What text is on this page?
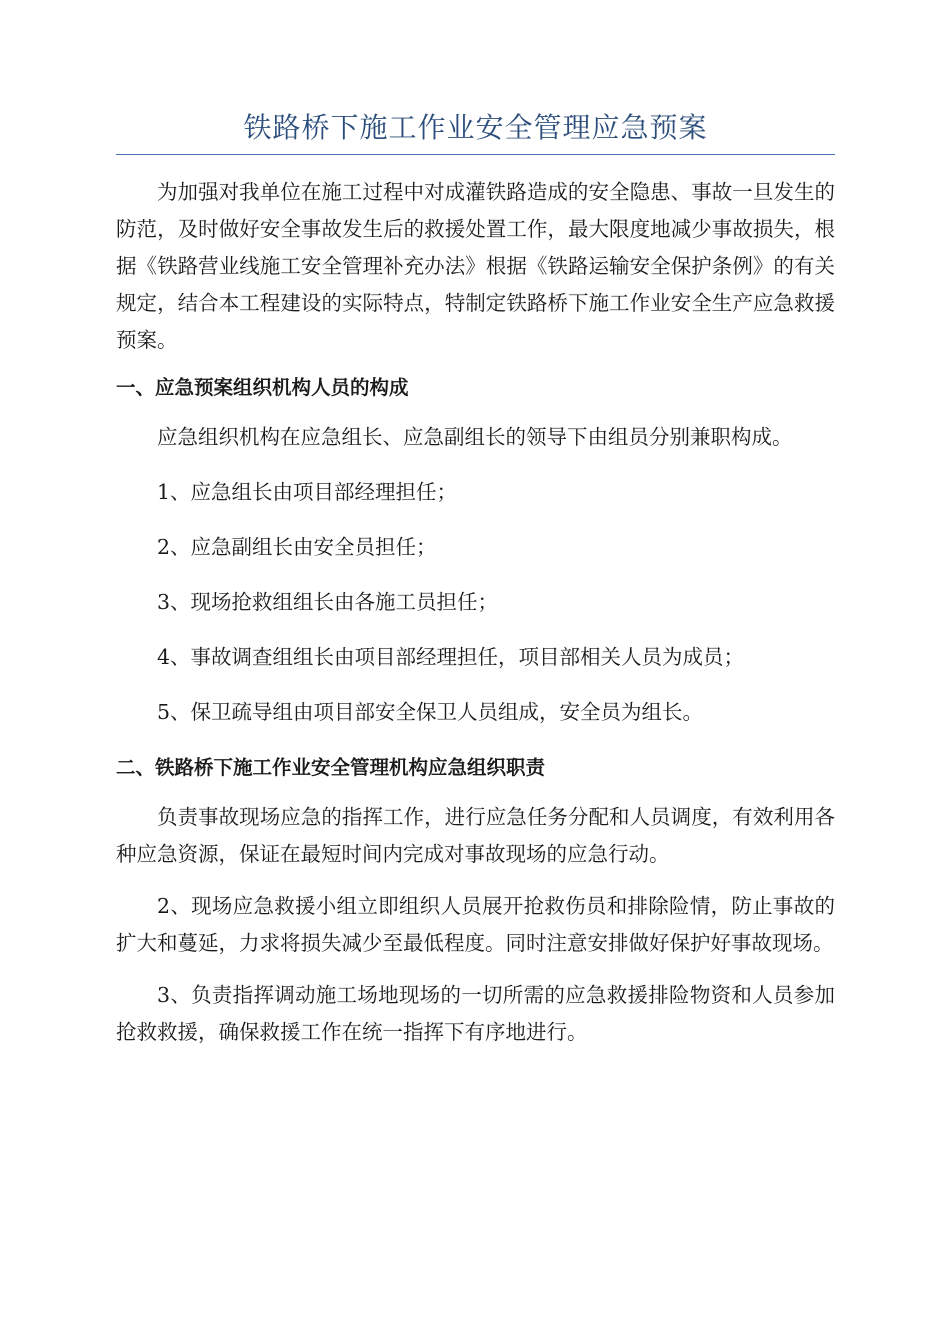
铁路桥下施工作业安全管理应急预案

为加强对我单位在施工过程中对成灌铁路造成的安全隐患、事故一旦发生的防范，及时做好安全事故发生后的救援处置工作，最大限度地减少事故损失，根据《铁路营业线施工安全管理补充办法》根据《铁路运输安全保护条例》的有关规定，结合本工程建设的实际特点，特制定铁路桥下施工作业安全生产应急救援预案。

一、应急预案组织机构人员的构成

应急组织机构在应急组长、应急副组长的领导下由组员分别兼职构成。

1、应急组长由项目部经理担任；

2、应急副组长由安全员担任；

3、现场抢救组组长由各施工员担任；

4、事故调查组组长由项目部经理担任，项目部相关人员为成员；

5、保卫疏导组由项目部安全保卫人员组成，安全员为组长。

二、铁路桥下施工作业安全管理机构应急组织职责

负责事故现场应急的指挥工作，进行应急任务分配和人员调度，有效利用各种应急资源，保证在最短时间内完成对事故现场的应急行动。

2、现场应急救援小组立即组织人员展开抢救伤员和排除险情，防止事故的扩大和蔓延，力求将损失减少至最低程度。同时注意安排做好保护好事故现场。

3、负责指挥调动施工场地现场的一切所需的应急救援排险物资和人员参加抢救救援，确保救援工作在统一指挥下有序地进行。
